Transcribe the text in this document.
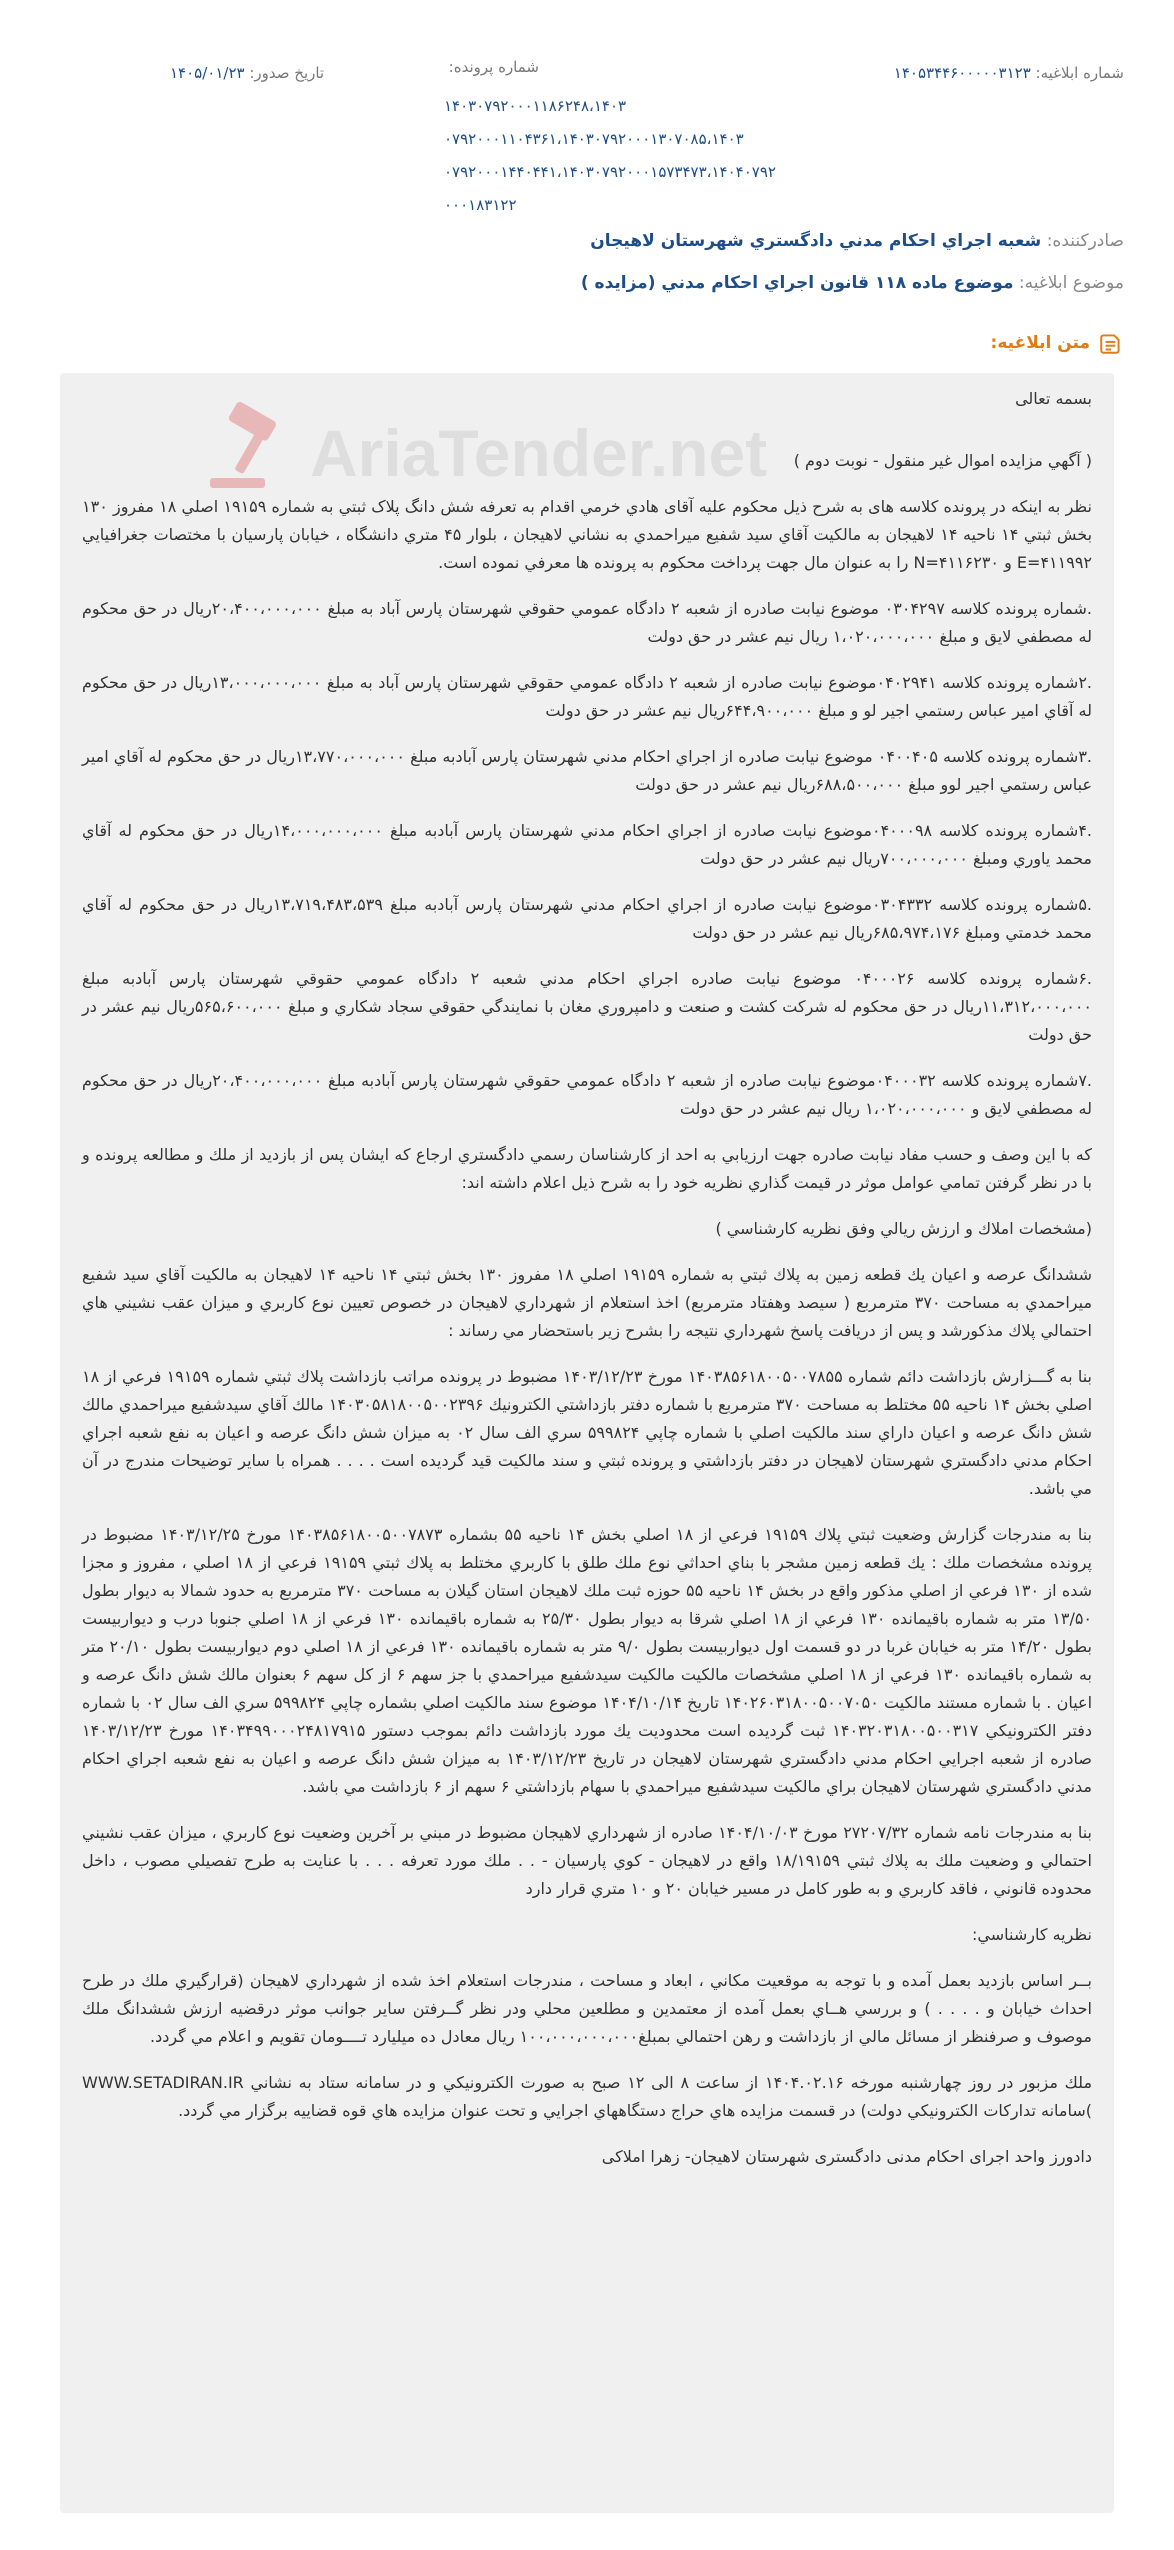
شماره ابلاغيه: ۱۴۰۵۳۴۴۶۰۰۰۰۰۳۱۲۳
شماره پرونده:
۱۴۰۳۰۷۹۲۰۰۰۱۱۸۶۲۴۸،۱۴۰۳
۰۷۹۲۰۰۰۱۱۰۴۳۶۱،۱۴۰۳۰۷۹۲۰۰۰۱۳۰۷۰۸۵،۱۴۰۳
۰۷۹۲۰۰۰۱۴۴۰۴۴۱،۱۴۰۳۰۷۹۲۰۰۰۱۵۷۳۴۷۳،۱۴۰۴۰۷۹۲
۰۰۰۱۸۳۱۲۲
تاريخ صدور: ۱۴۰۵/۰۱/۲۳
صادرکننده: شعبه اجراي احكام مدني دادگستري شهرستان لاهيجان
موضوع ابلاغیه: موضوع ماده ۱۱۸ قانون اجراي احكام مدني (مزايده )
متن ابلاغیه:

بسمه تعالی

( آگهي مزايده اموال غير منقول - نوبت دوم )

نظر به اینکه در پرونده کلاسه های به شرح ذیل محکوم علیه آقای هادي خرمي اقدام به تعرفه شش دانگ پلاک ثبتي به شماره ۱۹۱۵۹ اصلي ۱۸ مفروز ۱۳۰ بخش ثبتي ۱۴ ناحيه ۱۴ لاهيجان به مالكيت آقاي سيد شفيع ميراحمدي به نشاني لاهيجان ، بلوار ۴۵ متري دانشگاه ، خيابان پارسيان با مختصات جغرافيايي ۴۱۱۹۹۲=E و ۴۱۱۶۲۳۰=N را به عنوان مال جهت پرداخت محكوم به پرونده ها معرفي نموده است.

.شماره پرونده کلاسه ۰۳۰۴۲۹۷ موضوع نيابت صادره از شعبه ۲ دادگاه عمومي حقوقي شهرستان پارس آباد به مبلغ ۲۰،۴۰۰،۰۰۰،۰۰۰ريال در حق محكوم له مصطفي لايق و مبلغ ۱،۰۲۰،۰۰۰،۰۰۰ ريال نيم عشر در حق دولت

.۲شماره پرونده کلاسه ۰۴۰۲۹۴۱موضوع نيابت صادره از شعبه ۲ دادگاه عمومي حقوقي شهرستان پارس آباد به مبلغ ۱۳،۰۰۰،۰۰۰،۰۰۰ريال در حق محكوم له آقاي امير عباس رستمي اجير لو و مبلغ ۶۴۴،۹۰۰،۰۰۰ريال نيم عشر در حق دولت

.۳شماره پرونده کلاسه ۰۴۰۰۴۰۵ موضوع نيابت صادره از اجراي احكام مدني شهرستان پارس آبادبه مبلغ ۱۳،۷۷۰،۰۰۰،۰۰۰ريال در حق محكوم له آقاي امير عباس رستمي اجير لوو مبلغ ۶۸۸،۵۰۰،۰۰۰ريال نيم عشر در حق دولت

.۴شماره پرونده کلاسه ۰۴۰۰۰۹۸موضوع نيابت صادره از اجراي احكام مدني شهرستان پارس آبادبه مبلغ ۱۴،۰۰۰،۰۰۰،۰۰۰ريال در حق محكوم له آقاي محمد ياوري ومبلغ ۷۰۰،۰۰۰،۰۰۰ريال نيم عشر در حق دولت

.۵شماره پرونده کلاسه ۰۳۰۴۳۳۲موضوع نيابت صادره از اجراي احكام مدني شهرستان پارس آبادبه مبلغ ۱۳،۷۱۹،۴۸۳،۵۳۹ريال در حق محكوم له آقاي محمد خدمتي ومبلغ ۶۸۵،۹۷۴،۱۷۶ريال نيم عشر در حق دولت

.۶شماره پرونده کلاسه ۰۴۰۰۰۲۶ موضوع نيابت صادره اجراي احكام مدني شعبه ۲ دادگاه عمومي حقوقي شهرستان پارس آبادبه مبلغ ۱۱،۳۱۲،۰۰۰،۰۰۰ريال در حق محكوم له شركت كشت و صنعت و دامپروري مغان با نمايندگي حقوقي سجاد شكاري و مبلغ ۵۶۵،۶۰۰،۰۰۰ريال نيم عشر در حق دولت

.۷شماره پرونده کلاسه ۰۴۰۰۰۳۲موضوع نيابت صادره از شعبه ۲ دادگاه عمومي حقوقي شهرستان پارس آبادبه مبلغ ۲۰،۴۰۰،۰۰۰،۰۰۰ريال در حق محكوم له مصطفي لايق و ۱،۰۲۰،۰۰۰،۰۰۰ ريال نيم عشر در حق دولت

كه با اين وصف و حسب مفاد نيابت صادره جهت ارزيابي به احد از كارشناسان رسمي دادگستري ارجاع كه ايشان پس از بازديد از ملك و مطالعه پرونده و با در نظر گرفتن تمامي عوامل موثر در قيمت گذاري نظريه خود را به شرح ذيل اعلام داشته اند:

(مشخصات املاك و ارزش ريالي وفق نظريه كارشناسي )

ششدانگ عرصه و اعيان يك قطعه زمين به پلاك ثبتي به شماره ۱۹۱۵۹ اصلي ۱۸ مفروز ۱۳۰ بخش ثبتي ۱۴ ناحيه ۱۴ لاهيجان به مالكيت آقاي سيد شفيع ميراحمدي به مساحت ۳۷۰ مترمربع ( سيصد وهفتاد مترمربع) اخذ استعلام از شهرداري لاهيجان در خصوص تعيين نوع كاربري و ميزان عقب نشيني هاي احتمالي پلاك مذكورشد و پس از دريافت پاسخ شهرداري نتيجه را بشرح زير باستحضار مي رساند :

بنا به گـــزارش بازداشت دائم شماره ۱۴۰۳۸۵۶۱۸۰۰۵۰۰۷۸۵۵ مورخ ۱۴۰۳/۱۲/۲۳ مضبوط در پرونده مراتب بازداشت پلاك ثبتي شماره ۱۹۱۵۹ فرعي از ۱۸ اصلي بخش ۱۴ ناحيه ۵۵ مختلط به مساحت ۳۷۰ مترمربع با شماره دفتر بازداشتي الكترونيك ۱۴۰۳۰۵۸۱۸۰۰۵۰۰۲۳۹۶ مالك آقاي سيدشفيع ميراحمدي مالك شش دانگ عرصه و اعيان داراي سند مالكيت اصلي با شماره چاپي ۵۹۹۸۲۴ سري الف سال ۰۲ به ميزان شش دانگ عرصه و اعيان به نفع شعبه اجراي احكام مدني دادگستري شهرستان لاهيجان در دفتر بازداشتي و پرونده ثبتي و سند مالكيت قيد گرديده است . . . . همراه با ساير توضيحات مندرج در آن مي باشد.

بنا به مندرجات گزارش وضعيت ثبتي پلاك ۱۹۱۵۹ فرعي از ۱۸ اصلي بخش ۱۴ ناحيه ۵۵ بشماره ۱۴۰۳۸۵۶۱۸۰۰۵۰۰۷۸۷۳ مورخ ۱۴۰۳/۱۲/۲۵ مضبوط در پرونده مشخصات ملك : يك قطعه زمين مشجر با بناي احداثي نوع ملك طلق با كاربري مختلط به پلاك ثبتي ۱۹۱۵۹ فرعي از ۱۸ اصلي ، مفروز و مجزا شده از ۱۳۰ فرعي از اصلي مذكور واقع در بخش ۱۴ ناحيه ۵۵ حوزه ثبت ملك لاهيجان استان گيلان به مساحت ۳۷۰ مترمربع به حدود شمالا به ديوار بطول ۱۳/۵۰ متر به شماره باقيمانده ۱۳۰ فرعي از ۱۸ اصلي شرقا به ديوار بطول ۲۵/۳۰ به شماره باقيمانده ۱۳۰ فرعي از ۱۸ اصلي جنوبا درب و ديواربيست بطول ۱۴/۲۰ متر به خيابان غربا در دو قسمت اول ديواربيست بطول ۹/۰ متر به شماره باقيمانده ۱۳۰ فرعي از ۱۸ اصلي دوم ديواربيست بطول ۲۰/۱۰ متر به شماره باقيمانده ۱۳۰ فرعي از ۱۸ اصلي مشخصات مالكيت مالكيت سيدشفيع ميراحمدي با جز سهم ۶ از كل سهم ۶ بعنوان مالك شش دانگ عرصه و اعيان . با شماره مستند مالكيت ۱۴۰۲۶۰۳۱۸۰۰۵۰۰۷۰۵۰ تاريخ ۱۴۰۴/۱۰/۱۴ موضوع سند مالكيت اصلي بشماره چاپي ۵۹۹۸۲۴ سري الف سال ۰۲ با شماره دفتر الكترونيكي ۱۴۰۳۲۰۳۱۸۰۰۵۰۰۳۱۷ ثبت گرديده است محدوديت يك مورد بازداشت دائم بموجب دستور ۱۴۰۳۴۹۹۰۰۰۲۴۸۱۷۹۱۵ مورخ ۱۴۰۳/۱۲/۲۳ صادره از شعبه اجرايي احكام مدني دادگستري شهرستان لاهيجان در تاريخ ۱۴۰۳/۱۲/۲۳ به ميزان شش دانگ عرصه و اعيان به نفع شعبه اجراي احكام مدني دادگستري شهرستان لاهيجان براي مالكيت سيدشفيع ميراحمدي با سهام بازداشتي ۶ سهم از ۶ بازداشت مي باشد.

بنا به مندرجات نامه شماره ۲۷۲۰۷/۳۲ مورخ ۱۴۰۴/۱۰/۰۳ صادره از شهرداري لاهيجان مضبوط در مبني بر آخرين وضعيت نوع كاربري ، ميزان عقب نشيني احتمالي و وضعيت ملك به پلاك ثبتي ۱۸/۱۹۱۵۹ واقع در لاهيجان - كوي پارسيان - . . ملك مورد تعرفه . . . با عنايت به طرح تفصيلي مصوب ، داخل محدوده قانوني ، فاقد كاربري و به طور كامل در مسير خيابان ۲۰ و ۱۰ متري قرار دارد

نظريه كارشناسي:

بــر اساس بازديد بعمل آمده و با توجه به موقعيت مكاني ، ابعاد و مساحت ، مندرجات استعلام اخذ شده از شهرداري لاهيجان (قرارگيري ملك در طرح احداث خيابان و . . . . ) و بررسي هــاي بعمل آمده از معتمدين و مطلعين محلي ودر نظر گــرفتن ساير جوانب موثر درقضيه ارزش ششدانگ ملك موصوف و صرفنظر از مسائل مالي از بازداشت و رهن احتمالي بمبلغ۱۰۰،۰۰۰،۰۰۰،۰۰۰ ريال معادل ده ميليارد تــــومان تقويم و اعلام مي گردد.

ملك مزبور در روز چهارشنبه مورخه ۱۴۰۴.۰۲.۱۶ از ساعت ۸ الی ۱۲ صبح به صورت الكترونيكي و در سامانه ستاد به نشاني WWW.SETADIRAN.IR )سامانه تداركات الكترونيكي دولت) در قسمت مزايده هاي حراج دستگاههاي اجرايي و تحت عنوان مزايده هاي قوه قضاييه برگزار مي گردد.

دادورز واحد اجرای احکام مدنی دادگستری شهرستان لاهیجان- زهرا املاکی

AriaTender.net
